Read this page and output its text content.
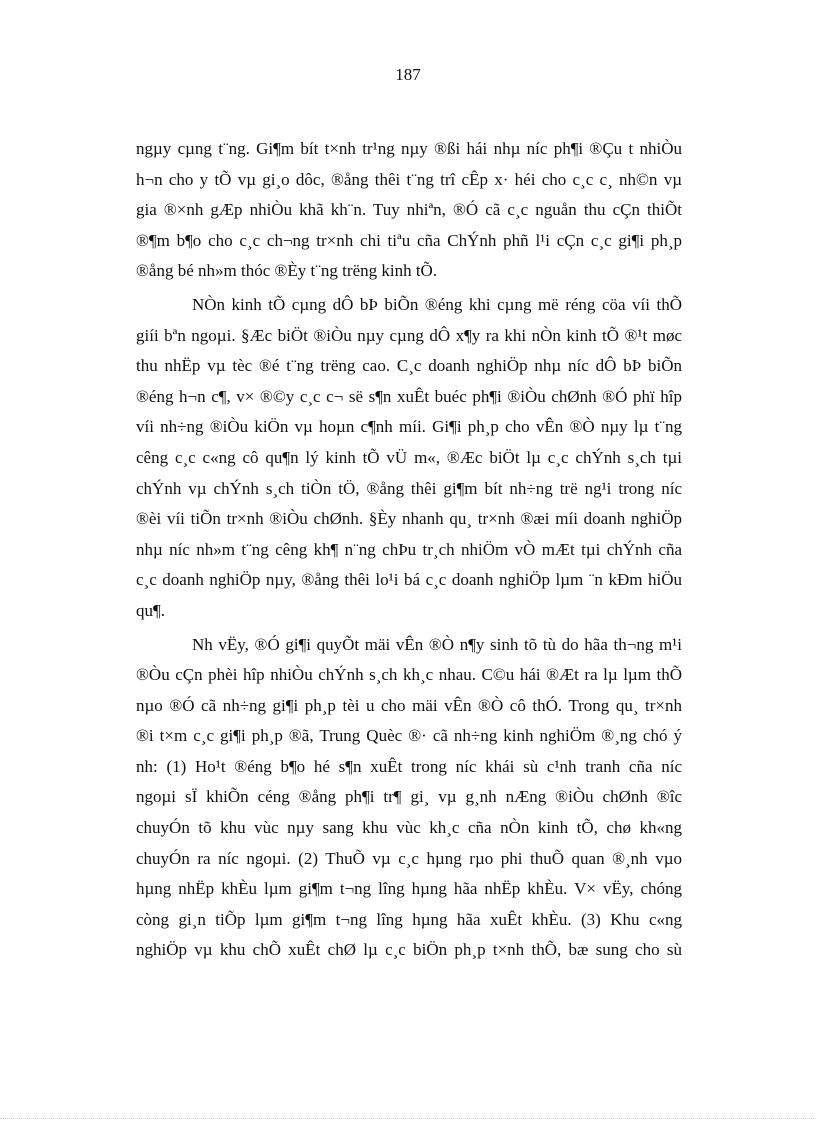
187
ngµy cµng t¨ng. Gi¶m bít t×nh tr¹ng nµy ®ßi hái nhµ níc ph¶i ®Çu t nhiÒu
h¬n cho y tÕ vµ gi¸o dôc, ®ång thêi t¨ng trî cÊp x· héi cho c¸c c¸ nh©n vµ
gia ®×nh gÆp nhiÒu khã kh¨n. Tuy nhiªn, ®Ó cã c¸c nguån thu cÇn thiÕt
®¶m b¶o cho c¸c ch¬ng tr×nh chi tiªu cña ChÝnh phñ l¹i cÇn c¸c gi¶i ph¸p
®ång bé nh»m thóc ®Èy t¨ng trëng kinh tÕ.
NÒn kinh tÕ cµng dÔ bÞ biÕn ®éng khi cµng më réng cöa víi thÕ
giíi bªn ngoµi. §Æc biÖt ®iÒu nµy cµng dÔ x¶y ra khi nÒn kinh tÕ ®¹t møc
thu nhËp vµ tèc ®é t¨ng trëng cao. C¸c doanh nghiÖp nhµ níc dÔ bÞ biÕn
®éng h¬n c¶, v× ®©y c¸c c¬ së s¶n xuÊt buéc ph¶i ®iÒu chØnh ®Ó phï hîp
víi nh÷ng ®iÒu kiÖn vµ hoµn c¶nh míi. Gi¶i ph¸p cho vÊn ®Ò nµy lµ t¨ng
cêng c¸c c«ng cô qu¶n lý kinh tÕ vÜ m«, ®Æc biÖt lµ c¸c chÝnh s¸ch tµi
chÝnh vµ chÝnh s¸ch tiÒn tÖ, ®ång thêi gi¶m bít nh÷ng trë ng¹i trong níc
®èi víi tiÕn tr×nh ®iÒu chØnh. §Èy nhanh qu¸ tr×nh ®æi míi doanh nghiÖp
nhµ níc nh»m t¨ng cêng kh¶ n¨ng chÞu tr¸ch nhiÖm vÒ mÆt tµi chÝnh cña
c¸c doanh nghiÖp nµy, ®ång thêi lo¹i bá c¸c doanh nghiÖp lµm ¨n kÐm hiÖu
qu¶.
Nh vËy, ®Ó gi¶i quyÕt mäi vÊn ®Ò n¶y sinh tõ tù do hãa th¬ng m¹i
®Òu cÇn phèi hîp nhiÒu chÝnh s¸ch kh¸c nhau. C©u hái ®Æt ra lµ lµm thÕ
nµo ®Ó cã nh÷ng gi¶i ph¸p tèi u cho mäi vÊn ®Ò cô thÓ. Trong qu¸ tr×nh
®i t×m c¸c gi¶i ph¸p ®ã, Trung Quèc ®· cã nh÷ng kinh nghiÖm ®¸ng chó ý
nh: (1) Ho¹t ®éng b¶o hé s¶n xuÊt trong níc khái sù c¹nh tranh cña níc
ngoµi sÏ khiÕn céng ®ång ph¶i tr¶ gi¸ vµ g¸nh nÆng ®iÒu chØnh ®îc
chuyÓn tõ khu vùc nµy sang khu vùc kh¸c cña nÒn kinh tÕ, chø kh«ng
chuyÓn ra níc ngoµi. (2) ThuÕ vµ c¸c hµng rµo phi thuÕ quan ®¸nh vµo
hµng nhËp khÈu lµm gi¶m t¬ng lîng hµng hãa nhËp khÈu. V× vËy, chóng
còng gi¸n tiÕp lµm gi¶m t¬ng lîng hµng hãa xuÊt khÈu. (3) Khu c«ng
nghiÖp vµ khu chÕ xuÊt chØ lµ c¸c biÖn ph¸p t×nh thÕ, bæ sung cho sù
